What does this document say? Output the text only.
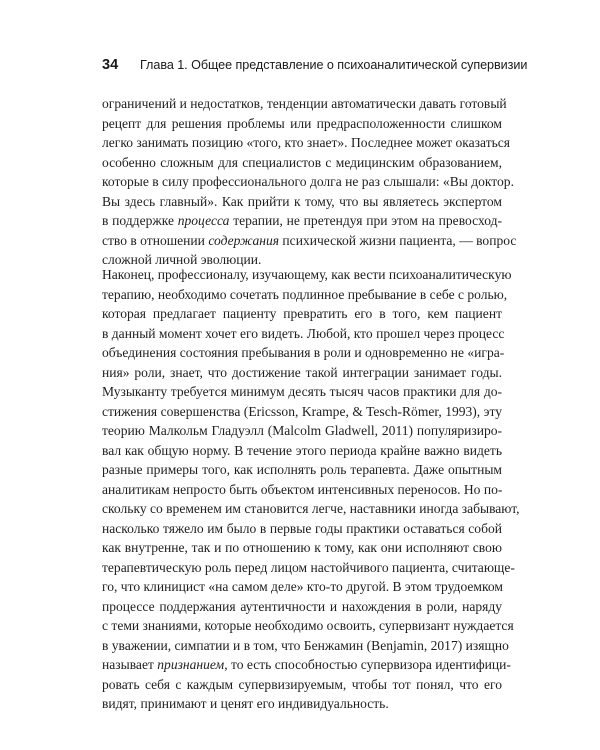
34 Глава 1. Общее представление о психоаналитической супервизии
ограничений и недостатков, тенденции автоматически давать готовый
рецепт для решения проблемы или предрасположенности слишком
легко занимать позицию «того, кто знает». Последнее может оказаться
особенно сложным для специалистов с медицинским образованием,
которые в силу профессионального долга не раз слышали: «Вы доктор.
Вы здесь главный». Как прийти к тому, что вы являетесь экспертом
в поддержке процесса терапии, не претендуя при этом на превосход-
ство в отношении содержания психической жизни пациента, — вопрос
сложной личной эволюции.
Наконец, профессионалу, изучающему, как вести психоаналитическую
терапию, необходимо сочетать подлинное пребывание в себе с ролью,
которая предлагает пациенту превратить его в того, кем пациент
в данный момент хочет его видеть. Любой, кто прошел через процесс
объединения состояния пребывания в роли и одновременно не «игра-
ния» роли, знает, что достижение такой интеграции занимает годы.
Музыканту требуется минимум десять тысяч часов практики для до-
стижения совершенства (Ericsson, Krampe, & Tesch-Römer, 1993), эту
теорию Малкольм Гладуэлл (Malcolm Gladwell, 2011) популяризиро-
вал как общую норму. В течение этого периода крайне важно видеть
разные примеры того, как исполнять роль терапевта. Даже опытным
аналитикам непросто быть объектом интенсивных переносов. Но по-
скольку со временем им становится легче, наставники иногда забывают,
насколько тяжело им было в первые годы практики оставаться собой
как внутренне, так и по отношению к тому, как они исполняют свою
терапевтическую роль перед лицом настойчивого пациента, считающе-
го, что клиницист «на самом деле» кто-то другой. В этом трудоемком
процессе поддержания аутентичности и нахождения в роли, наряду
с теми знаниями, которые необходимо освоить, супервизант нуждается
в уважении, симпатии и в том, что Бенжамин (Benjamin, 2017) изящно
называет признанием, то есть способностью супервизора идентифици-
ровать себя с каждым супервизируемым, чтобы тот понял, что его
видят, принимают и ценят его индивидуальность.
